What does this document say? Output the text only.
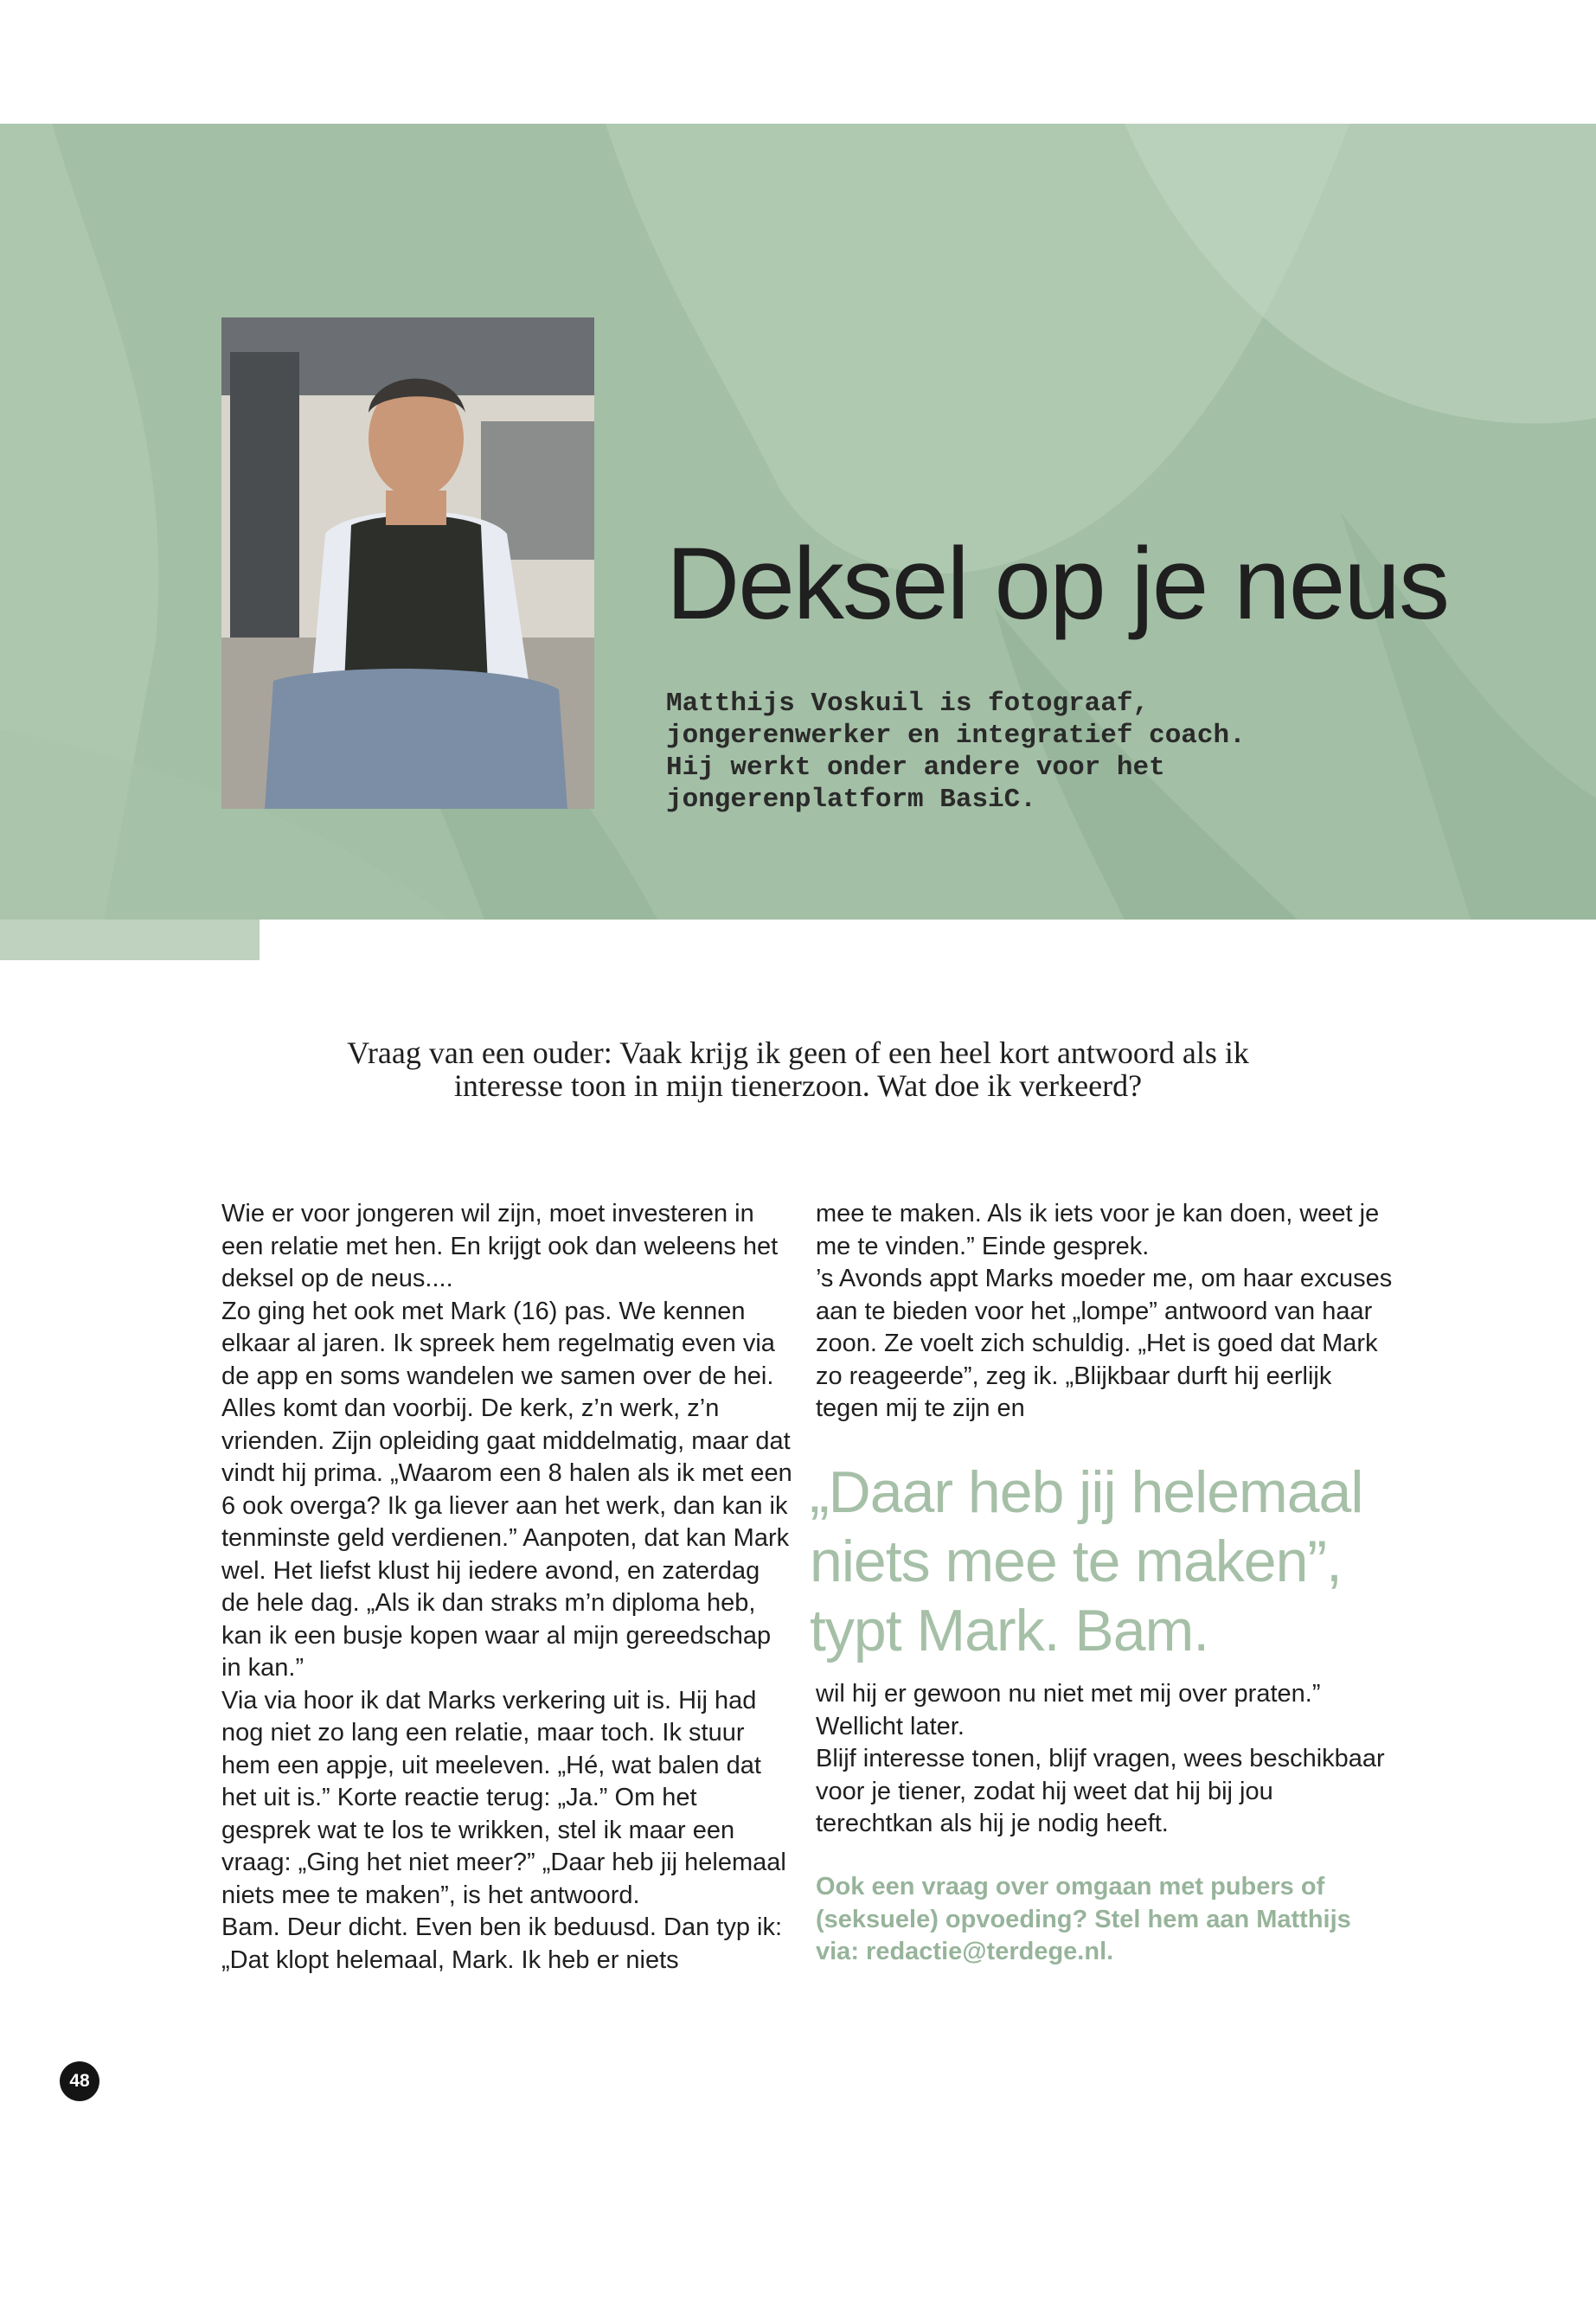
Deksel op je neus

Matthijs Voskuil is fotograaf, jongerenwerker en integratief coach. Hij werkt onder andere voor het jongerenplatform BasiC.

Vraag van een ouder: Vaak krijg ik geen of een heel kort antwoord als ik
interesse toon in mijn tienerzoon. Wat doe ik verkeerd?

Wie er voor jongeren wil zijn, moet investeren in een relatie met hen. En krijgt ook dan weleens het deksel op de neus....

Zo ging het ook met Mark (16) pas. We kennen elkaar al jaren. Ik spreek hem regelmatig even via de app en soms wandelen we samen over de hei. Alles komt dan voorbij. De kerk, z’n werk, z’n vrienden. Zijn opleiding gaat middelmatig, maar dat vindt hij prima. „Waarom een 8 halen als ik met een 6 ook overga? Ik ga liever aan het werk, dan kan ik tenminste geld verdienen.” Aanpoten, dat kan Mark wel. Het liefst klust hij iedere avond, en zaterdag de hele dag. „Als ik dan straks m’n diploma heb, kan ik een busje kopen waar al mijn gereedschap in kan.”

Via via hoor ik dat Marks verkering uit is. Hij had nog niet zo lang een relatie, maar toch. Ik stuur hem een appje, uit meeleven. „Hé, wat balen dat het uit is.” Korte reactie terug: „Ja.” Om het gesprek wat te los te wrikken, stel ik maar een vraag: „Ging het niet meer?” „Daar heb jij helemaal niets mee te maken”, is het antwoord.

Bam. Deur dicht. Even ben ik beduusd. Dan typ ik: „Dat klopt helemaal, Mark. Ik heb er niets

mee te maken. Als ik iets voor je kan doen, weet je me te vinden.” Einde gesprek.

’s Avonds appt Marks moeder me, om haar excuses aan te bieden voor het „lompe” antwoord van haar zoon. Ze voelt zich schuldig. „Het is goed dat Mark zo reageerde”, zeg ik. „Blijkbaar durft hij eerlijk tegen mij te zijn en

„Daar heb jij helemaal niets mee te maken”, typt Mark. Bam.

wil hij er gewoon nu niet met mij over praten.” Wellicht later.

Blijf interesse tonen, blijf vragen, wees beschikbaar voor je tiener, zodat hij weet dat hij bij jou terechtkan als hij je nodig heeft.

Ook een vraag over omgaan met pubers of (seksuele) opvoeding? Stel hem aan Matthijs via: redactie@terdege.nl.

48
